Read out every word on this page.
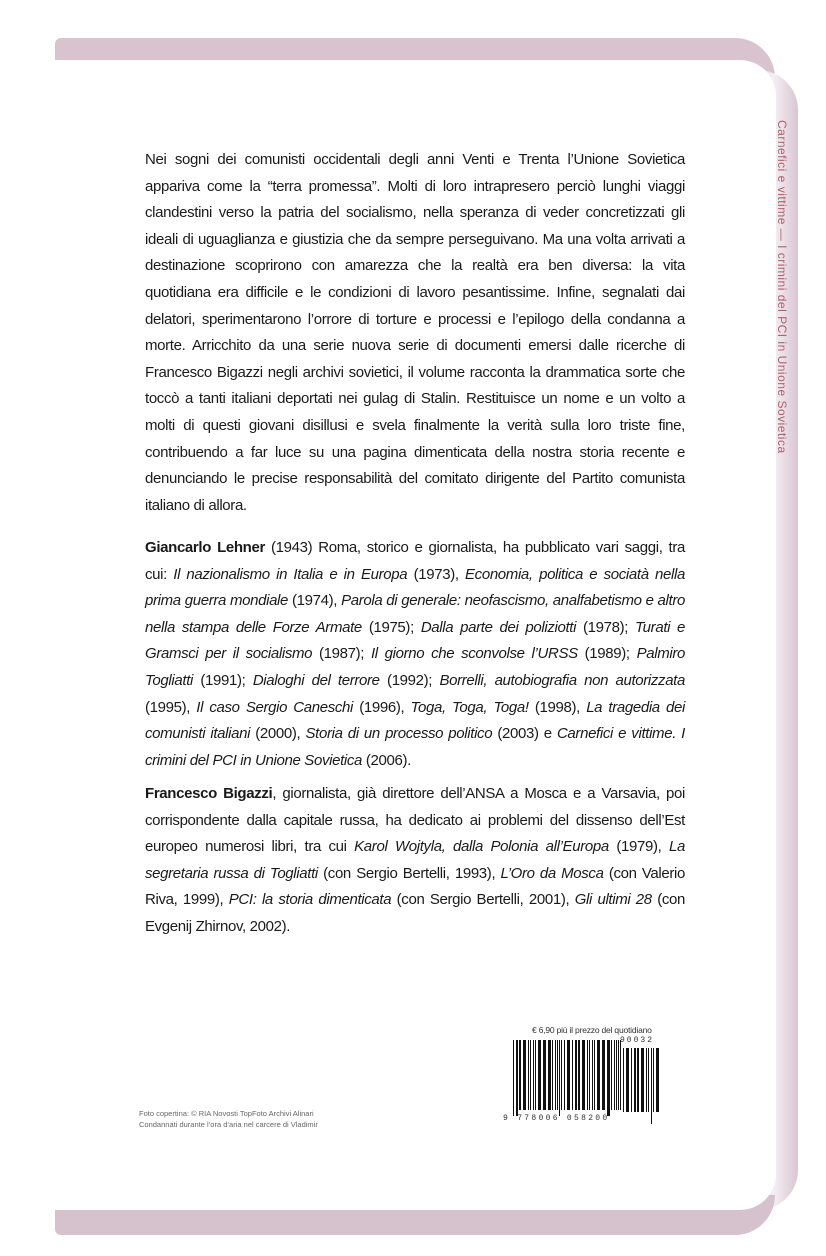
Carnefici e vittime — I crimini del PCI in Unione Sovietica
Nei sogni dei comunisti occidentali degli anni Venti e Trenta l’Unione Sovietica appariva come la “terra promessa”. Molti di loro intrapresero perciò lunghi viaggi clandestini verso la patria del socialismo, nella speranza di veder concretizzati gli ideali di uguaglianza e giustizia che da sempre perseguivano. Ma una volta arrivati a destinazione scoprirono con amarezza che la realtà era ben diversa: la vita quotidiana era difficile e le condizioni di lavoro pesantissime. Infine, segnalati dai delatori, sperimentarono l’orrore di torture e processi e l’epilogo della condanna a morte. Arricchito da una serie nuova serie di documenti emersi dalle ricerche di Francesco Bigazzi negli archivi sovietici, il volume racconta la drammatica sorte che toccò a tanti italiani deportati nei gulag di Stalin. Restituisce un nome e un volto a molti di questi giovani disillusi e svela finalmente la verità sulla loro triste fine, contribuendo a far luce su una pagina dimenticata della nostra storia recente e denunciando le precise responsabilità del comitato dirigente del Partito comunista italiano di allora.
Giancarlo Lehner (1943) Roma, storico e giornalista, ha pubblicato vari saggi, tra cui: Il nazionalismo in Italia e in Europa (1973), Economia, politica e sociatà nella prima guerra mondiale (1974), Parola di generale: neofascismo, analfabetismo e altro nella stampa delle Forze Armate (1975); Dalla parte dei poliziotti (1978); Turati e Gramsci per il socialismo (1987); Il giorno che sconvolse l’URSS (1989); Palmiro Togliatti (1991); Dialoghi del terrore (1992); Borrelli, autobiografia non autorizzata (1995), Il caso Sergio Caneschi (1996), Toga, Toga, Toga! (1998), La tragedia dei comunisti italiani (2000), Storia di un processo politico (2003) e Carnefici e vittime. I crimini del PCI in Unione Sovietica (2006).
Francesco Bigazzi, giornalista, già direttore dell’ANSA a Mosca e a Varsavia, poi corrispondente dalla capitale russa, ha dedicato ai problemi del dissenso dell’Est europeo numerosi libri, tra cui Karol Wojtyla, dalla Polonia all’Europa (1979), La segretaria russa di Togliatti (con Sergio Bertelli, 1993), L’Oro da Mosca (con Valerio Riva, 1999), PCI: la storia dimenticata (con Sergio Bertelli, 2001), Gli ultimi 28 (con Evgenij Zhirnov, 2002).
€ 6,90 più il prezzo del quotidiano
90032
9 778006 058200
Foto copertina: © RIA Novosti TopFoto Archivi Alinari
Condannati durante l’ora d’aria nel carcere di Vladimir
